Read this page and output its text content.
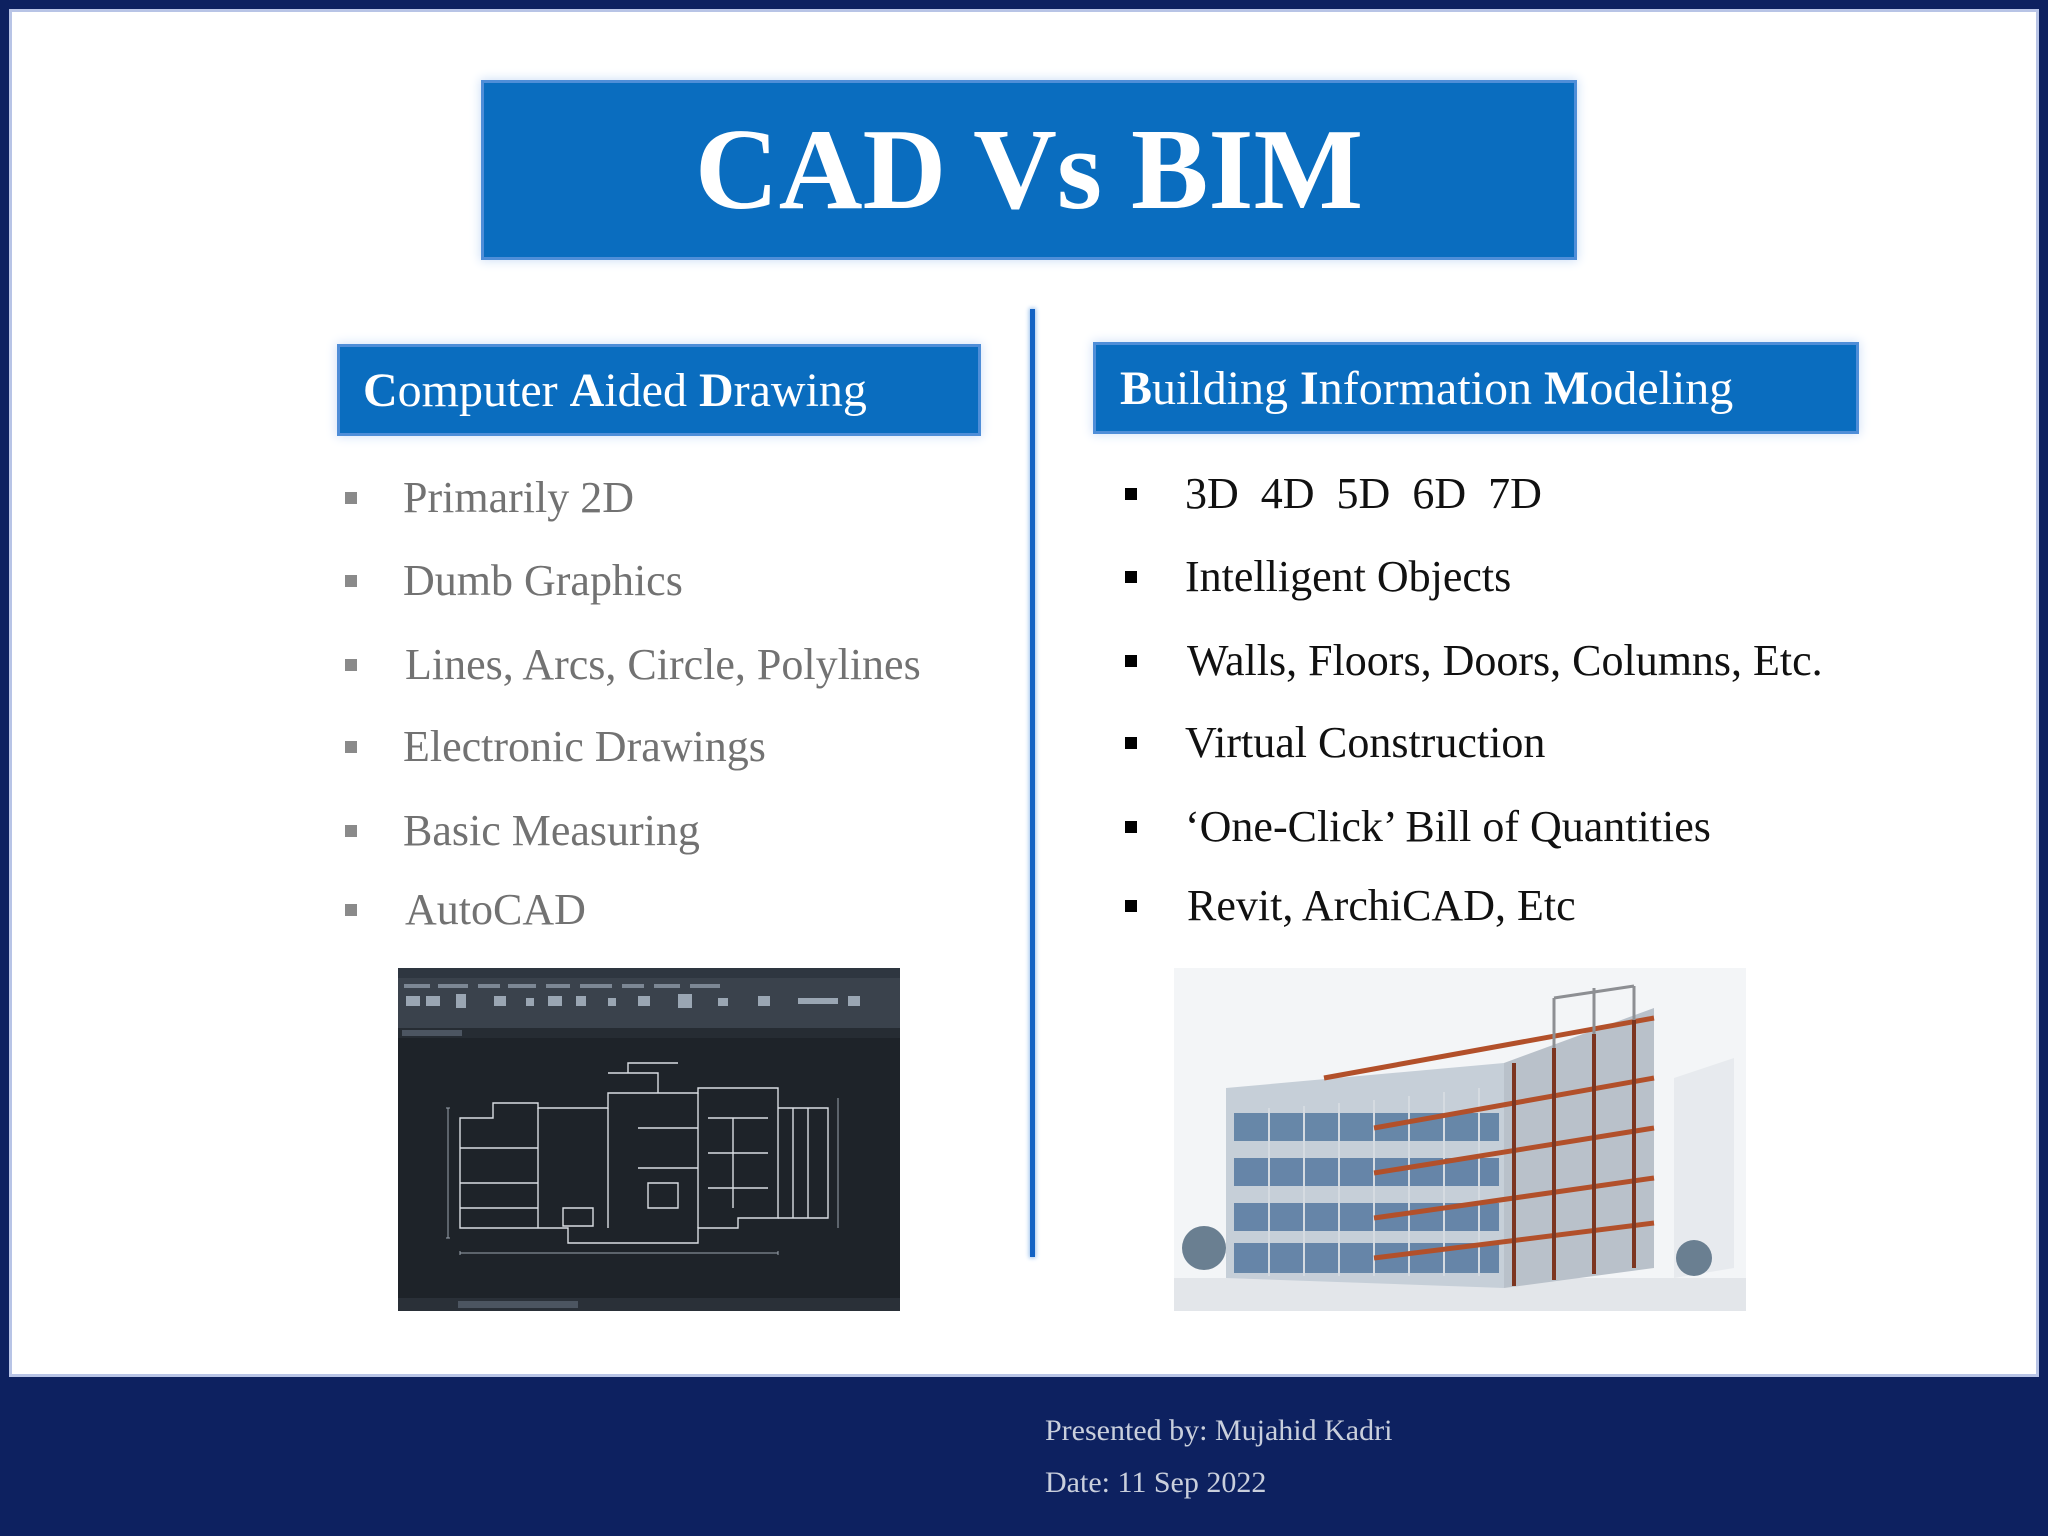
CAD Vs BIM
Computer Aided Drawing	Building Information Modeling
Primarily 2D
Dumb Graphics
Lines, Arcs, Circle, Polylines
Electronic Drawings
Basic Measuring
AutoCAD
3D  4D  5D  6D  7D
Intelligent Objects
Walls, Floors, Doors, Columns, Etc.
Virtual Construction
‘One-Click’ Bill of Quantities
Revit, ArchiCAD, Etc
Presented by: Mujahid Kadri
Date: 11 Sep 2022
